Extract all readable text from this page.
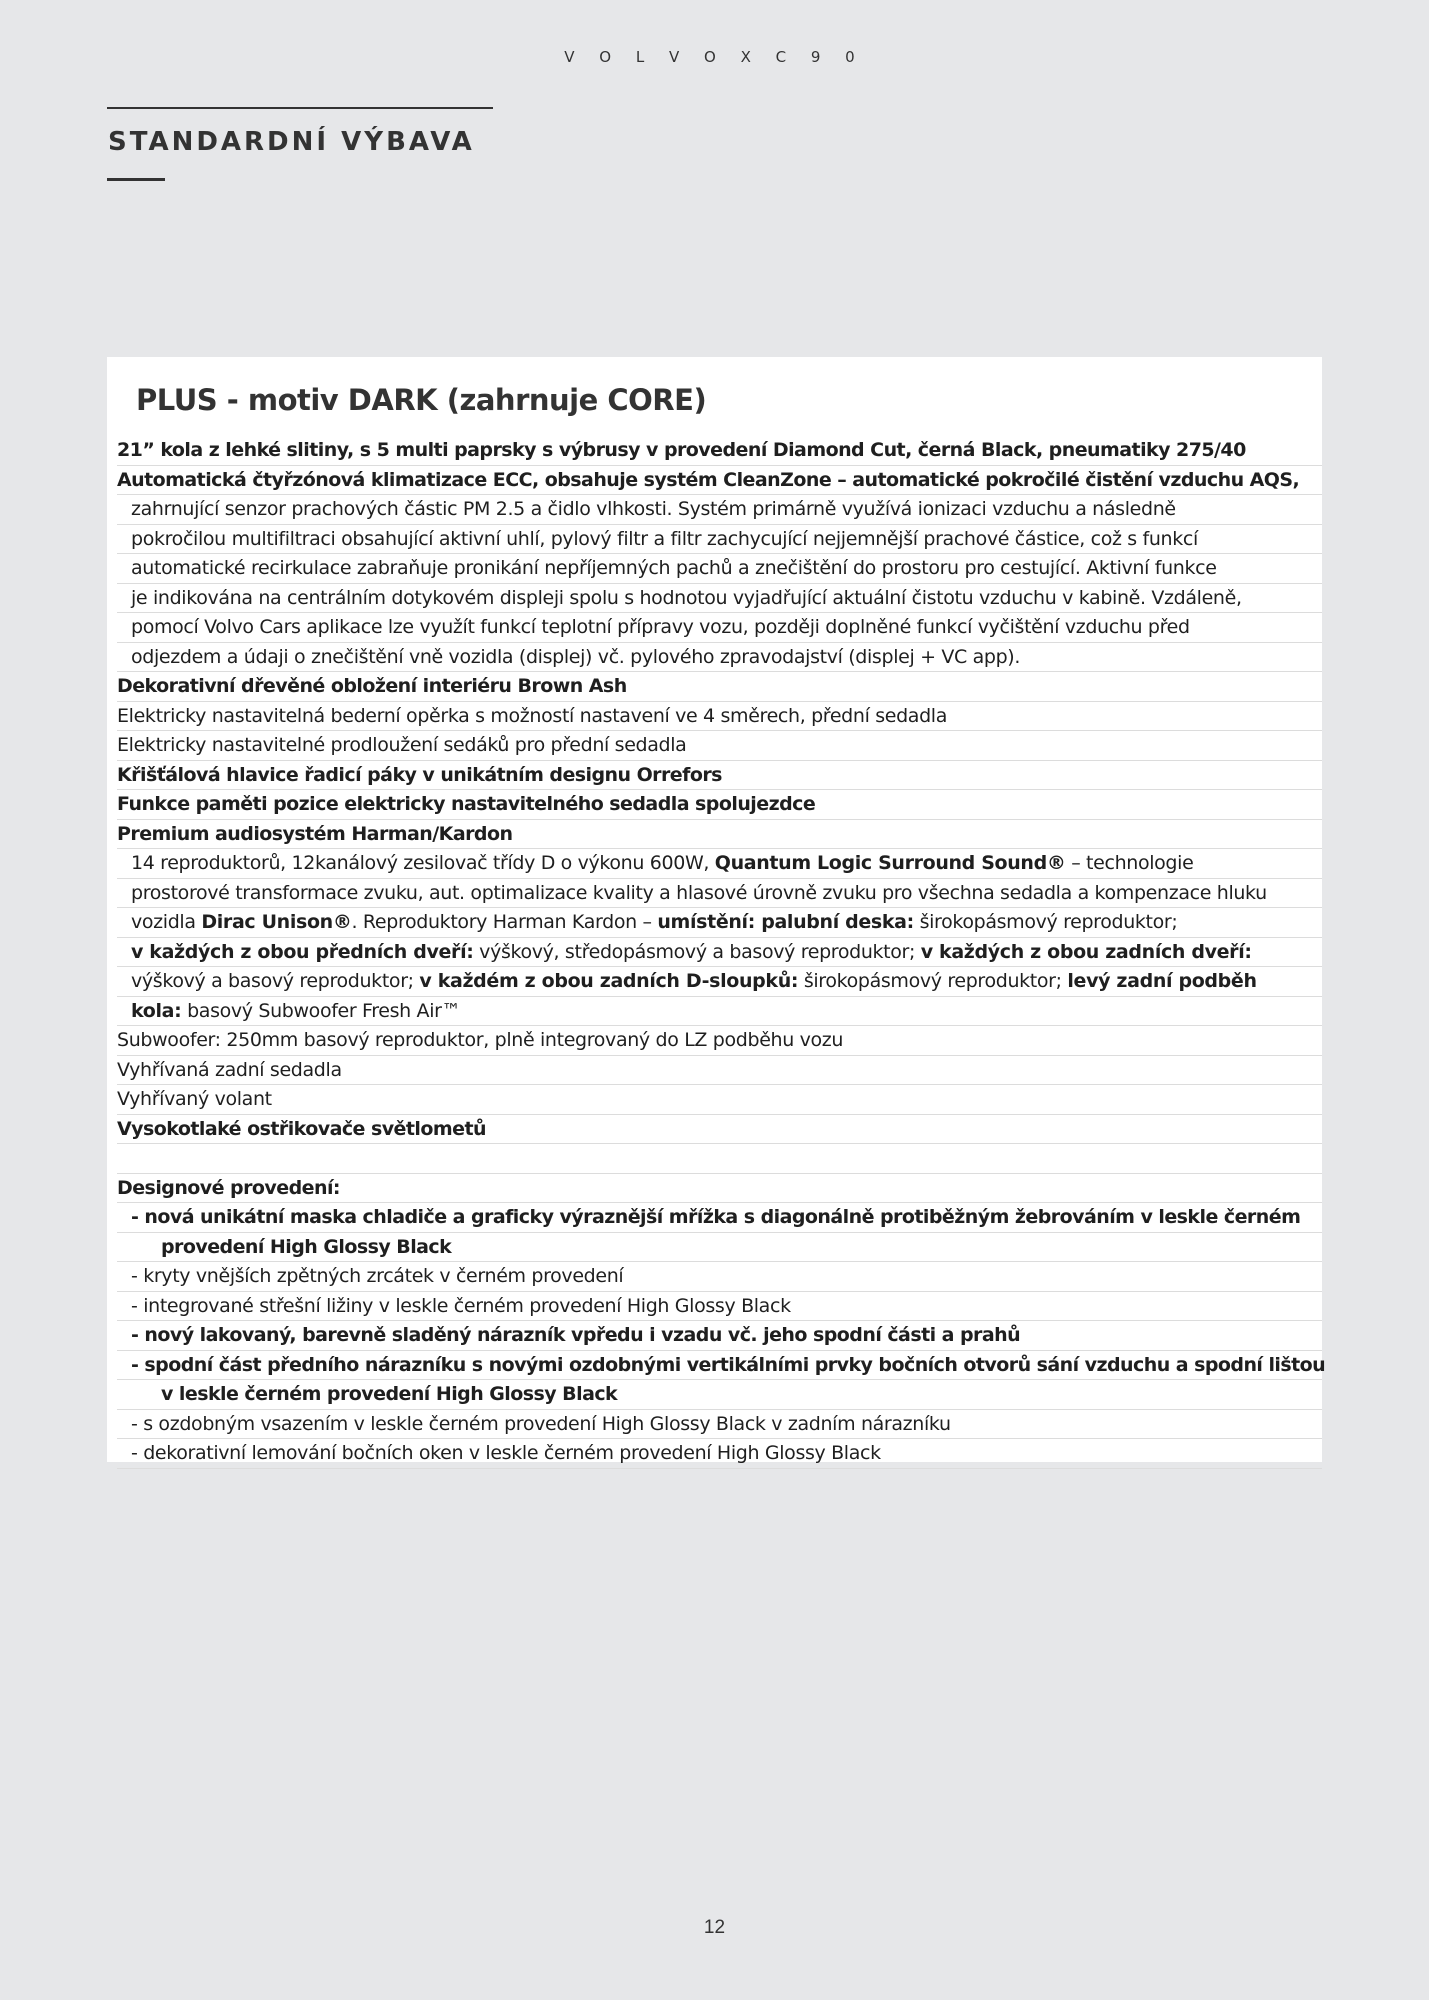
V O L V O X C 9 0
STANDARDNÍ VÝBAVA
PLUS - motiv DARK (zahrnuje CORE)
21” kola z lehké slitiny, s 5 multi paprsky s výbrusy v provedení Diamond Cut, černá Black, pneumatiky 275/40
Automatická čtyřzónová klimatizace ECC, obsahuje systém CleanZone – automatické pokročilé čistění vzduchu AQS,
zahrnující senzor prachových částic PM 2.5 a čidlo vlhkosti. Systém primárně využívá ionizaci vzduchu a následně
pokročilou multifiltraci obsahující aktivní uhlí, pylový filtr a filtr zachycující nejjemnější prachové částice, což s funkcí
automatické recirkulace zabraňuje pronikání nepříjemných pachů a znečištění do prostoru pro cestující. Aktivní funkce
je indikována na centrálním dotykovém displeji spolu s hodnotou vyjadřující aktuální čistotu vzduchu v kabině. Vzdáleně,
pomocí Volvo Cars aplikace lze využít funkcí teplotní přípravy vozu, později doplněné funkcí vyčištění vzduchu před
odjezdem a údaji o znečištění vně vozidla (displej) vč. pylového zpravodajství (displej + VC app).
Dekorativní dřevěné obložení interiéru Brown Ash
Elektricky nastavitelná bederní opěrka s možností nastavení ve 4 směrech, přední sedadla
Elektricky nastavitelné prodloužení sedáků pro přední sedadla
Křišťálová hlavice řadicí páky v unikátním designu Orrefors
Funkce paměti pozice elektricky nastavitelného sedadla spolujezdce
Premium audiosystém Harman/Kardon
14 reproduktorů, 12kanálový zesilovač třídy D o výkonu 600W, Quantum Logic Surround Sound® – technologie
prostorové transformace zvuku, aut. optimalizace kvality a hlasové úrovně zvuku pro všechna sedadla a kompenzace hluku
vozidla Dirac Unison®. Reproduktory Harman Kardon – umístění: palubní deska: širokopásmový reproduktor;
v každých z obou předních dveří: výškový, středopásmový a basový reproduktor; v každých z obou zadních dveří:
výškový a basový reproduktor; v každém z obou zadních D-sloupků: širokopásmový reproduktor; levý zadní podběh
kola: basový Subwoofer Fresh Air™
Subwoofer: 250mm basový reproduktor, plně integrovaný do LZ podběhu vozu
Vyhřívaná zadní sedadla
Vyhřívaný volant
Vysokotlaké ostřikovače světlometů
Designové provedení:
- nová unikátní maska chladiče a graficky výraznější mřížka s diagonálně protiběžným žebrováním v leskle černém
provedení High Glossy Black
- kryty vnějších zpětných zrcátek v černém provedení
- integrované střešní ližiny v leskle černém provedení High Glossy Black
- nový lakovaný, barevně sladěný nárazník vpředu i vzadu vč. jeho spodní části a prahů
- spodní část předního nárazníku s novými ozdobnými vertikálními prvky bočních otvorů sání vzduchu a spodní lištou
v leskle černém provedení High Glossy Black
- s ozdobným vsazením v leskle černém provedení High Glossy Black v zadním nárazníku
- dekorativní lemování bočních oken v leskle černém provedení High Glossy Black
12
